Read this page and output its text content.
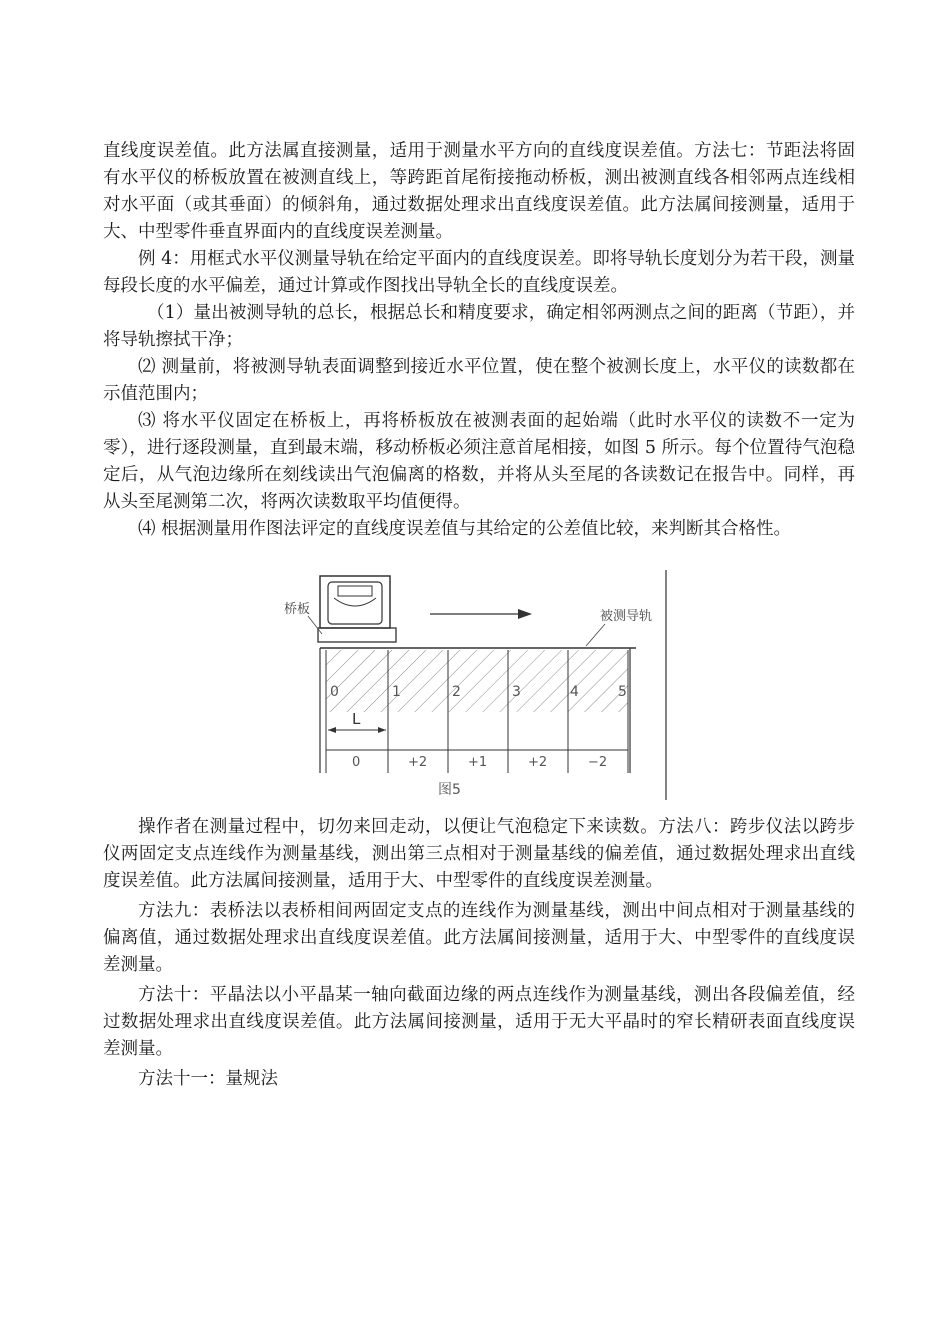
直线度误差值。此方法属直接测量，适用于测量水平方向的直线度误差值。方法七：节距法将固有水平仪的桥板放置在被测直线上，等跨距首尾衔接拖动桥板，测出被测直线各相邻两点连线相对水平面（或其垂面）的倾斜角，通过数据处理求出直线度误差值。此方法属间接测量，适用于大、中型零件垂直界面内的直线度误差测量。

例 4：用框式水平仪测量导轨在给定平面内的直线度误差。即将导轨长度划分为若干段，测量每段长度的水平偏差，通过计算或作图找出导轨全长的直线度误差。

（1）量出被测导轨的总长，根据总长和精度要求，确定相邻两测点之间的距离（节距），并将导轨擦拭干净；

⑵ 测量前，将被测导轨表面调整到接近水平位置，使在整个被测长度上，水平仪的读数都在示值范围内；

⑶ 将水平仪固定在桥板上，再将桥板放在被测表面的起始端（此时水平仪的读数不一定为零），进行逐段测量，直到最末端，移动桥板必须注意首尾相接，如图 5 所示。每个位置待气泡稳定后，从气泡边缘所在刻线读出气泡偏离的格数，并将从头至尾的各读数记在报告中。同样，再从头至尾测第二次，将两次读数取平均值便得。

⑷ 根据测量用作图法评定的直线度误差值与其给定的公差值比较，来判断其合格性。

桥板	被测导轨
0	1	2	3	4	5
L
0	+2	+1	+2	−2
图5

操作者在测量过程中，切勿来回走动，以便让气泡稳定下来读数。方法八：跨步仪法以跨步仪两固定支点连线作为测量基线，测出第三点相对于测量基线的偏差值，通过数据处理求出直线度误差值。此方法属间接测量，适用于大、中型零件的直线度误差测量。

方法九：表桥法以表桥相间两固定支点的连线作为测量基线，测出中间点相对于测量基线的偏离值，通过数据处理求出直线度误差值。此方法属间接测量，适用于大、中型零件的直线度误差测量。

方法十：平晶法以小平晶某一轴向截面边缘的两点连线作为测量基线，测出各段偏差值，经过数据处理求出直线度误差值。此方法属间接测量，适用于无大平晶时的窄长精研表面直线度误差测量。

方法十一：量规法
